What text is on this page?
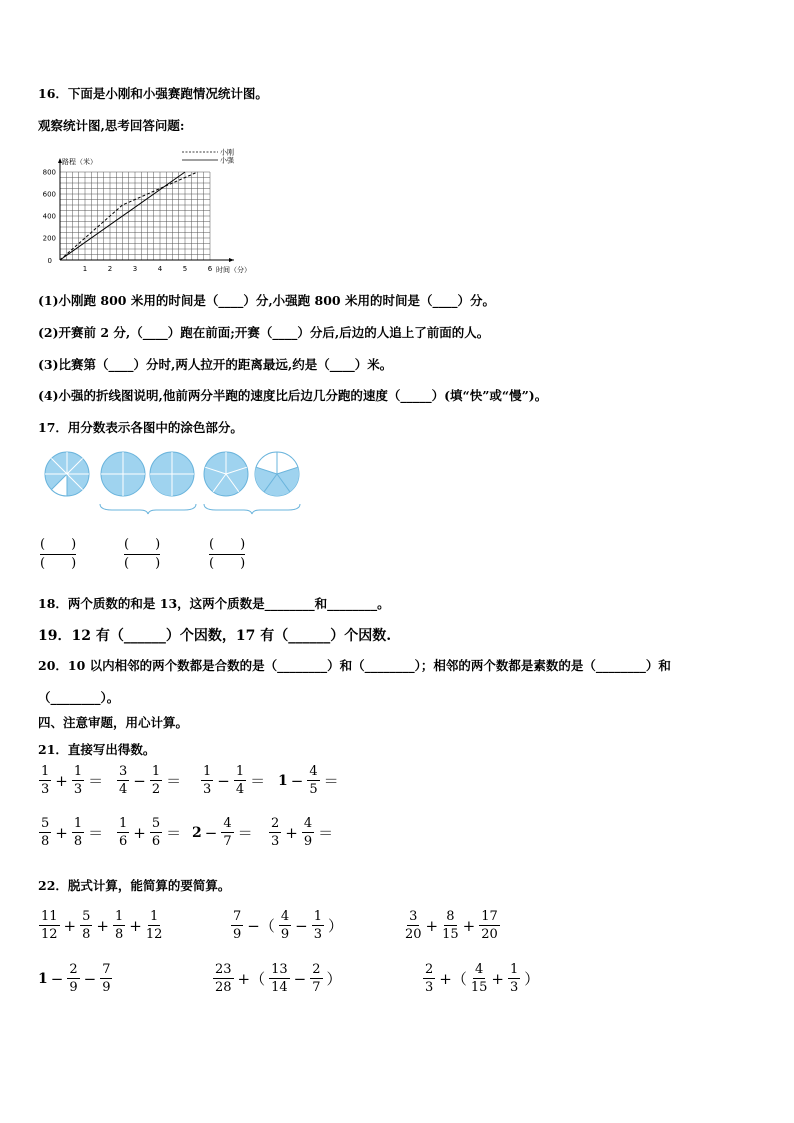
16．下面是小刚和小强赛跑情况统计图。
观察统计图,思考回答问题:
200
400
600
800
0
1	2	3	4	5	6
路程（米）
时间（分）
小刚
小强
(1)小刚跑 800 米用的时间是（____）分,小强跑 800 米用的时间是（____）分。
(2)开赛前 2 分,（____）跑在前面;开赛（____）分后,后边的人追上了前面的人。
(3)比赛第（____）分时,两人拉开的距离最远,约是（____）米。
(4)小强的折线图说明,他前两分半跑的速度比后边几分跑的速度（_____）(填“快”或“慢”)。
17．用分数表示各图中的涂色部分。
(　　)
(　　)
(　　)
(　　)
(　　)
(　　)
18．两个质数的和是 13，这两个质数是________和________。
19．12 有（______）个因数，17 有（______）个因数.
20．10 以内相邻的两个数都是合数的是（________）和（________）；相邻的两个数都是素数的是（________）和
（________）。
四、注意审题，用心计算。
21．直接写出得数。
$\frac{1}{3} + \frac{1}{3} = \frac{3}{4} - \frac{1}{2} = \frac{1}{3} - \frac{1}{4} = 1 - \frac{4}{5}$ ＝
$\frac{5}{8} + \frac{1}{8} = \frac{1}{6} + \frac{5}{6} = 2 - \frac{4}{7} = \frac{2}{3} + \frac{4}{9}$ ＝
22．脱式计算，能简算的要简算。
$\frac{11}{12} + \frac{5}{8} + \frac{1}{8} + \frac{1}{12}$	$\frac{7}{9}$ −（ $\frac{4}{9} - \frac{1}{3}$ ）	$\frac{3}{20} + \frac{8}{15} + \frac{17}{20}$
$1 - \frac{2}{9} - \frac{7}{9}$	$\frac{23}{28}$ +（ $\frac{13}{14} - \frac{2}{7}$ ）	$\frac{2}{3}$ +（ $\frac{4}{15} + \frac{1}{3}$ ）
